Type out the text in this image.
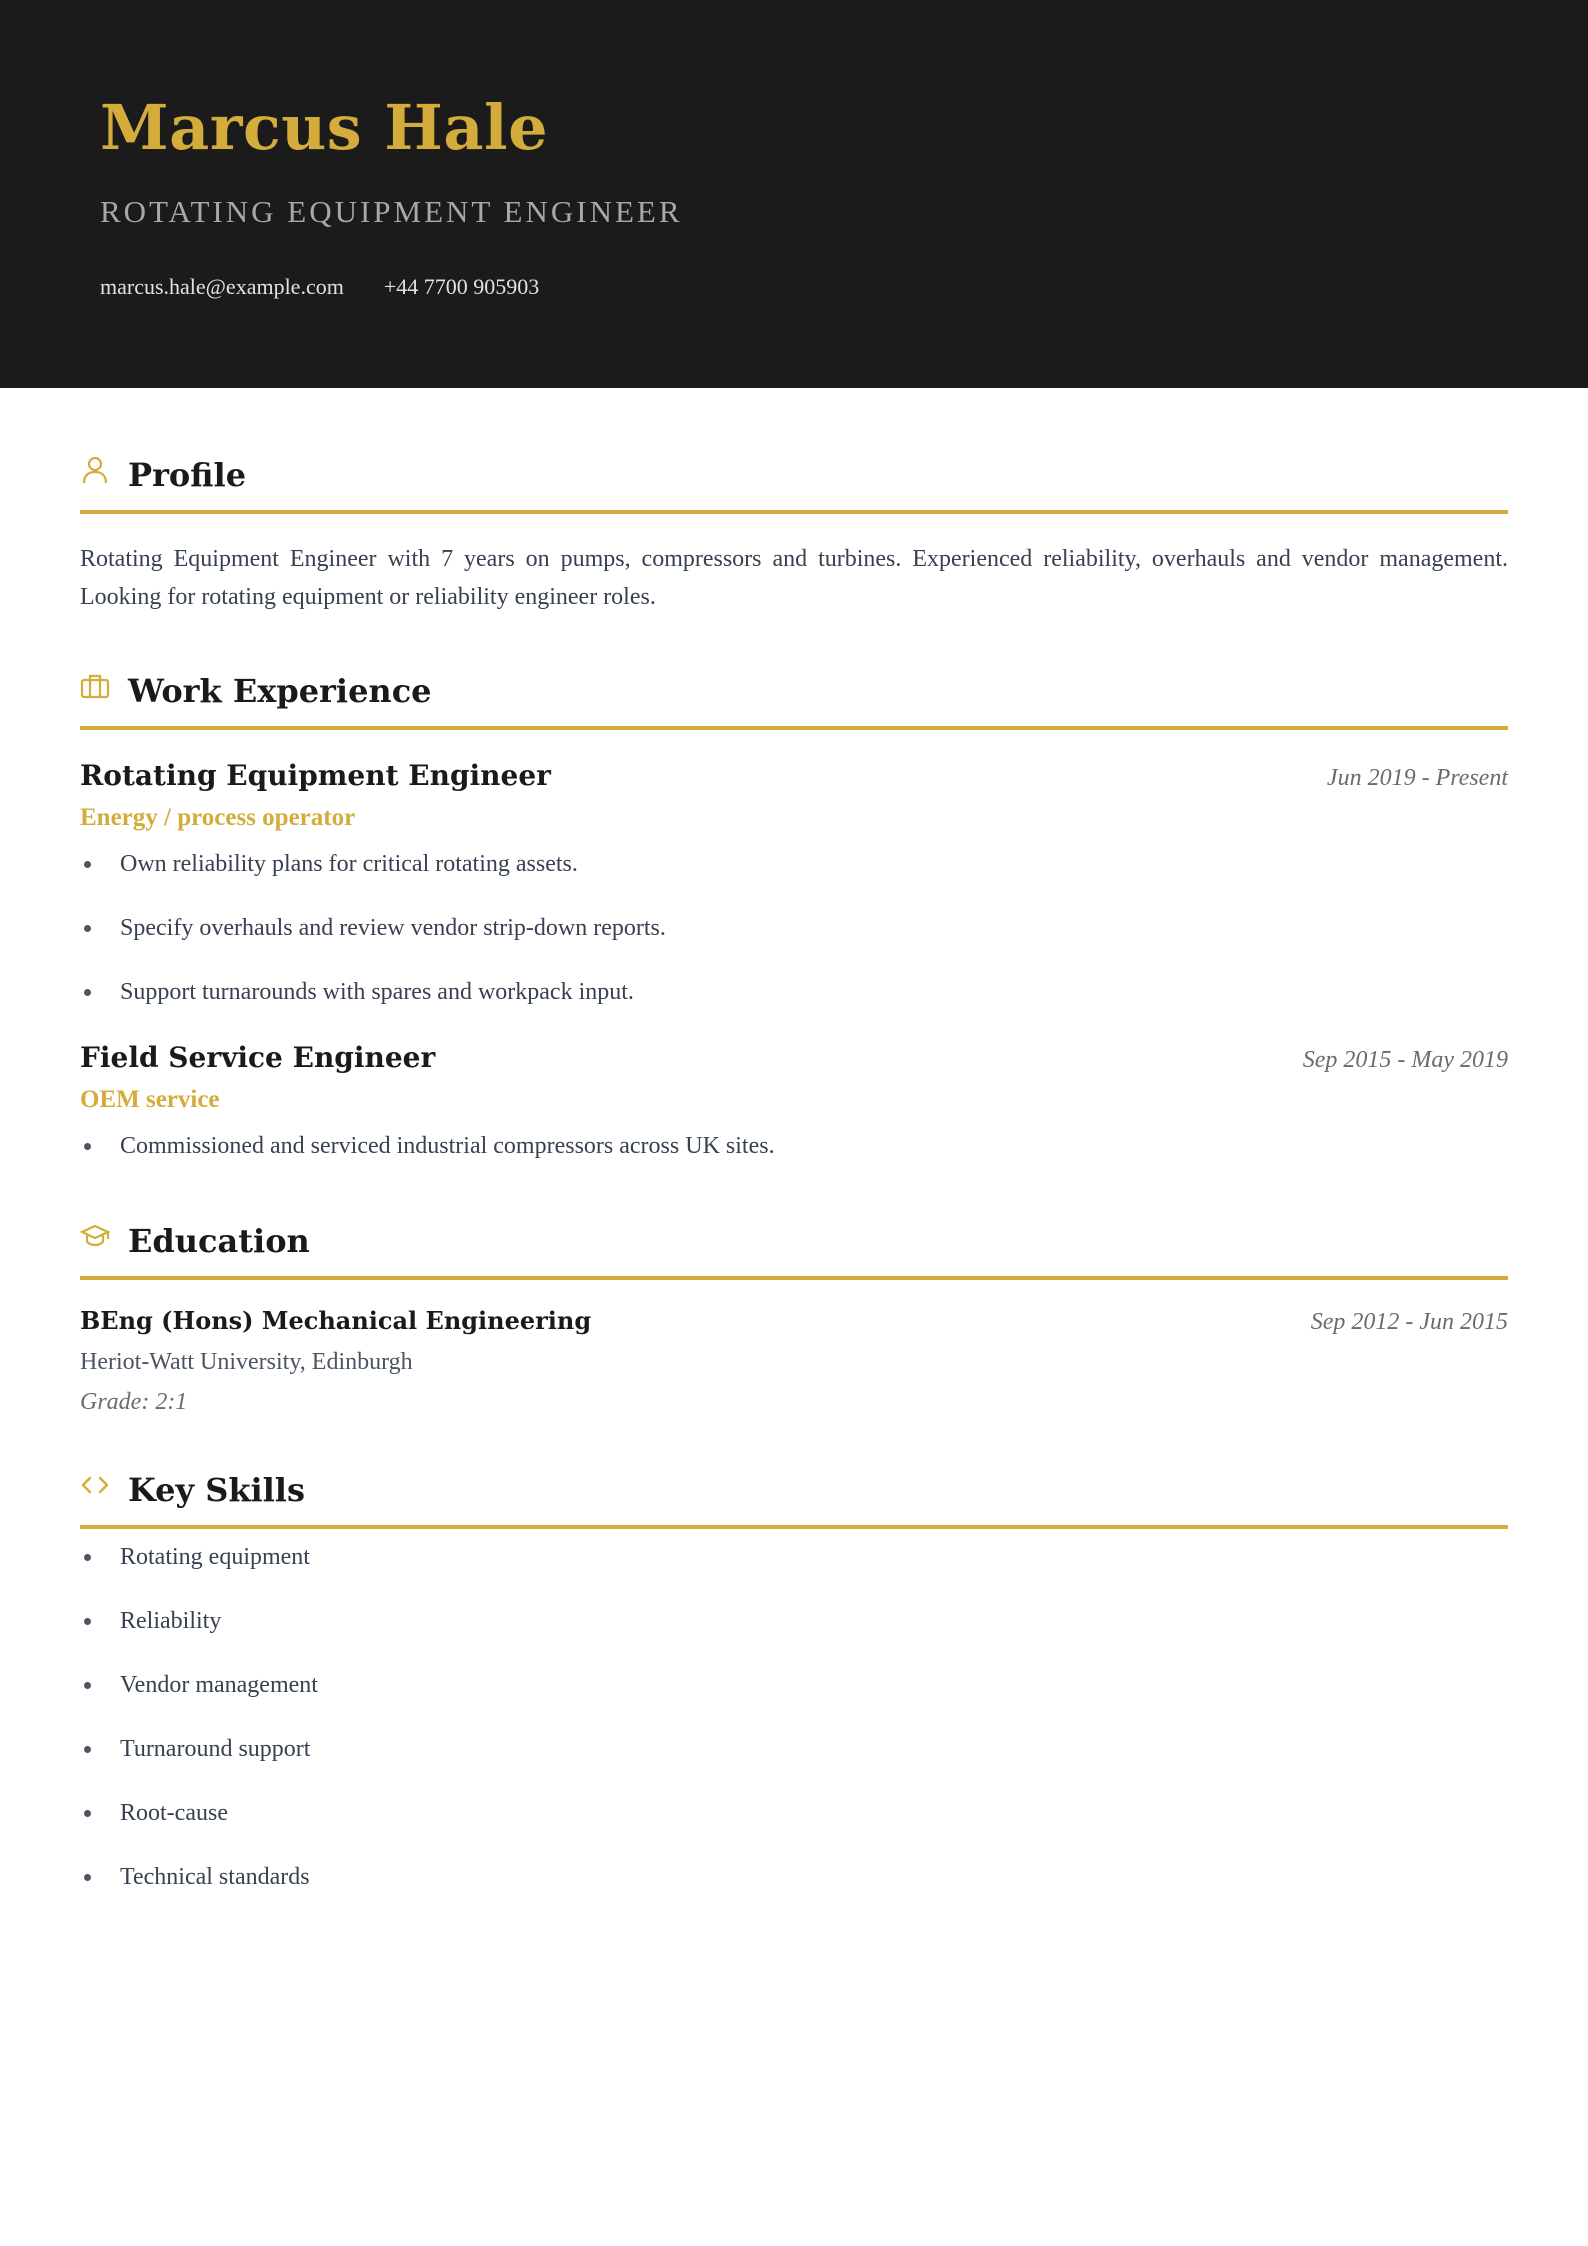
Marcus Hale
ROTATING EQUIPMENT ENGINEER
marcus.hale@example.com +44 7700 905903
Profile

Rotating Equipment Engineer with 7 years on pumps, compressors and turbines. Experienced reliability, overhauls and vendor management. Looking for rotating equipment or reliability engineer roles.

Work Experience
Rotating Equipment Engineer	Jun 2019 - Present
Energy / process operator
Own reliability plans for critical rotating assets.
Specify overhauls and review vendor strip-down reports.
Support turnarounds with spares and workpack input.
Field Service Engineer	Sep 2015 - May 2019
OEM service
Commissioned and serviced industrial compressors across UK sites.
Education
BEng (Hons) Mechanical Engineering	Sep 2012 - Jun 2015
Heriot-Watt University, Edinburgh
Grade: 2:1
Key Skills
Rotating equipment
Reliability
Vendor management
Turnaround support
Root-cause
Technical standards
